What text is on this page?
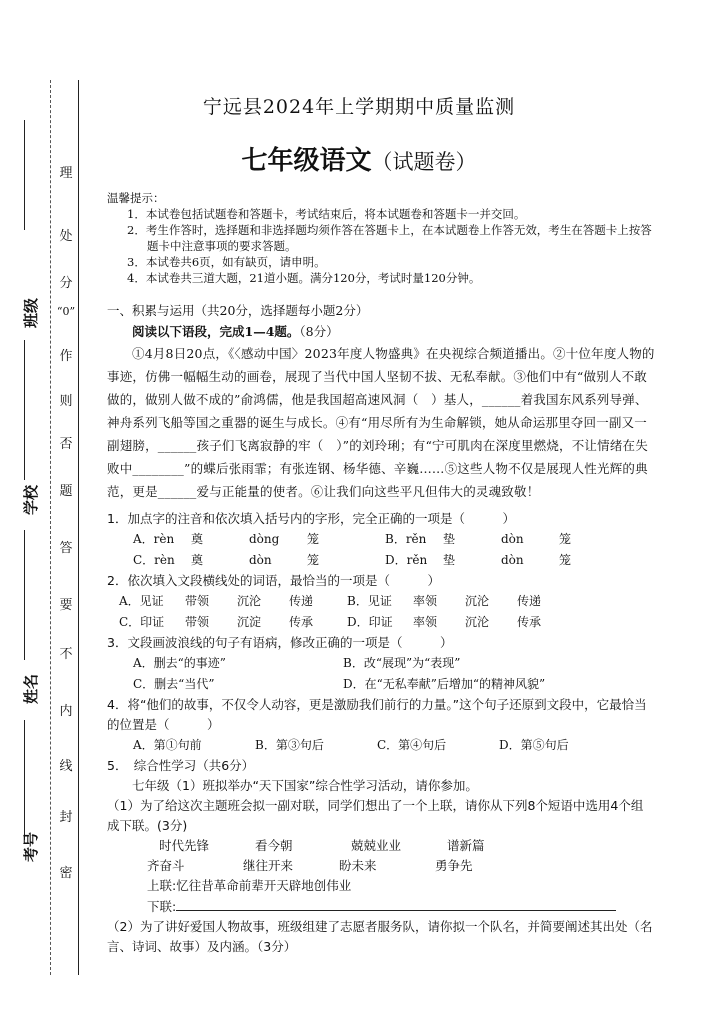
班级
学校
姓名
考号
理
处
分
“0”
作
则
否
题
答
要
不
内
线
封
密
宁远县2024年上学期期中质量监测
七年级语文（试题卷）
温馨提示：
1．本试卷包括试题卷和答题卡，考试结束后，将本试题卷和答题卡一并交回。
2．考生作答时，选择题和非选择题均须作答在答题卡上，在本试题卷上作答无效，考生在答题卡上按答题卡中注意事项的要求答题。
3．本试卷共6页，如有缺页，请申明。
4．本试卷共三道大题，21道小题。满分120分，考试时量120分钟。
一、积累与运用（共20分，选择题每小题2分）
阅读以下语段，完成1—4题。（8分）
①4月8日20点，《〈感动中国〉2023年度人物盛典》在央视综合频道播出。②十位年度人物的事迹，仿佛一幅幅生动的画卷，展现了当代中国人坚韧不拔、无私奉献。③他们中有“做别人不敢做的，做别人做不成的”俞鸿儒，他是我国超高速风洞（　）基人，______着我国东风系列导弹、神舟系列飞船等国之重器的诞生与成长。④有“用尽所有为生命解锁，她从命运那里夺回一副又一副翅膀，______孩子们飞离寂静的牢（　）”的刘玲琍；有“宁可肌肉在深度里燃烧，不让情绪在失败中________”的蝶后张雨霏；有张连钢、杨华德、辛巍……⑤这些人物不仅是展现人性光辉的典范，更是______爱与正能量的使者。⑥让我们向这些平凡但伟大的灵魂致敬！
1．加点字的注音和依次填入括号内的字形，完全正确的一项是（　　　）
A．rèn	奠	dòng	笼	B．rěn	垫	dòn	笼
C．rèn	奠	dòn	笼	D．rěn	垫	dòn	笼
2．依次填入文段横线处的词语，最恰当的一项是（　　　）
A．见证	带领	沉沦	传递	B．见证	率领	沉沦	传递
C．印证	带领	沉淀	传承	D．印证	率领	沉沦	传承
3．文段画波浪线的句子有语病，修改正确的一项是（　　　）
A．删去“的事迹”	B．改“展现”为“表现”
C．删去“当代”	D．在“无私奉献”后增加“的精神风貌”
4．将“他们的故事，不仅令人动容，更是激励我们前行的力量。”这个句子还原到文段中，它最恰当的位置是（　　　）
A．第①句前	B．第③句后	C．第④句后	D．第⑤句后
5．　综合性学习（共6分）
七年级（1）班拟举办“天下国家”综合性学习活动，请你参加。
（1）为了给这次主题班会拟一副对联，同学们想出了一个上联，请你从下列8个短语中选用4个组成下联。(3分)
时代先锋	看今朝	兢兢业业	谱新篇
齐奋斗	继往开来	盼未来	勇争先
上联:忆往昔革命前辈开天辟地创伟业
下联:
（2）为了讲好爱国人物故事，班级组建了志愿者服务队，请你拟一个队名，并简要阐述其出处（名言、诗词、故事）及内涵。（3分）
